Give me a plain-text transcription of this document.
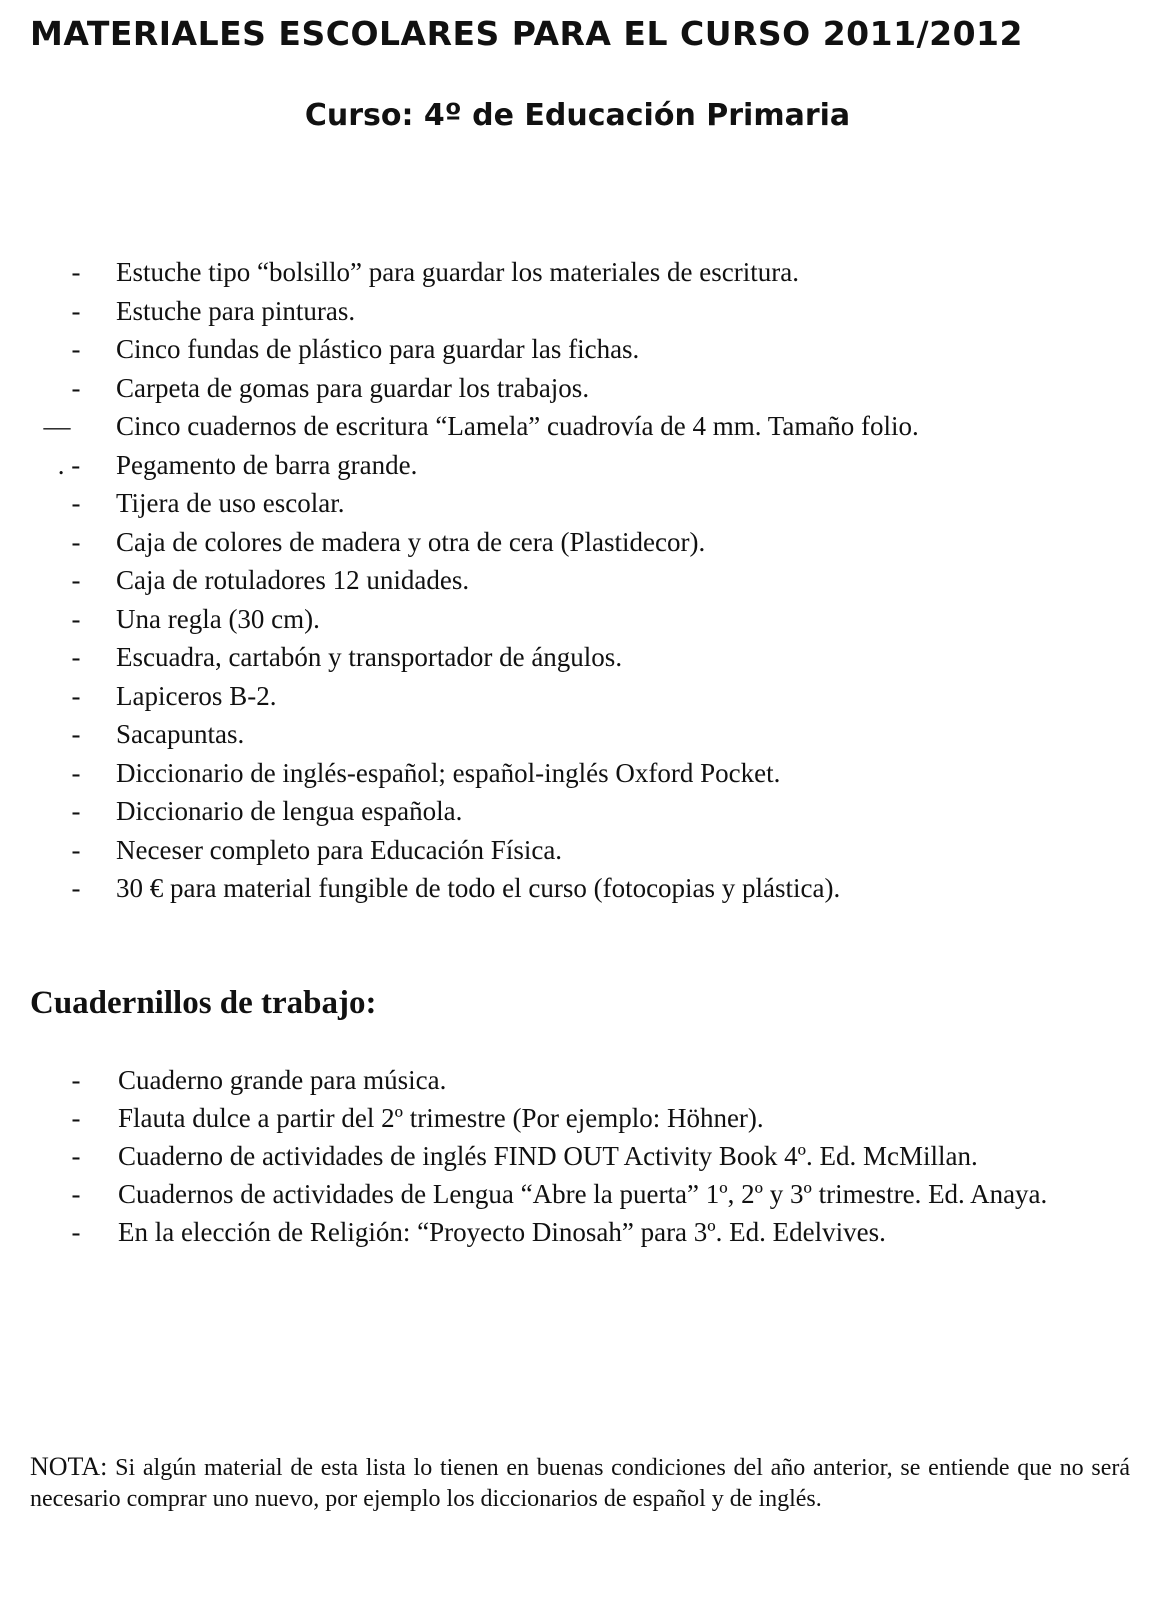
MATERIALES ESCOLARES PARA EL CURSO 2011/2012
Curso: 4º de Educación Primaria
- Estuche tipo “bolsillo” para guardar los materiales de escritura.
- Estuche para pinturas.
- Cinco fundas de plástico para guardar las fichas.
- Carpeta de gomas para guardar los trabajos.
—	Cinco cuadernos de escritura “Lamela” cuadrovía de 4 mm. Tamaño folio.
. - Pegamento de barra grande.
- Tijera de uso escolar.
- Caja de colores de madera y otra de cera (Plastidecor).
- Caja de rotuladores 12 unidades.
- Una regla (30 cm).
- Escuadra, cartabón y transportador de ángulos.
- Lapiceros B-2.
- Sacapuntas.
- Diccionario de inglés-español; español-inglés Oxford Pocket.
- Diccionario de lengua española.
- Neceser completo para Educación Física.
- 30 € para material fungible de todo el curso (fotocopias y plástica).
Cuadernillos de trabajo:
- Cuaderno grande para música.
- Flauta dulce a partir del 2º trimestre (Por ejemplo: Höhner).
- Cuaderno de actividades de inglés FIND OUT Activity Book 4º. Ed. McMillan.
- Cuadernos de actividades de Lengua “Abre la puerta” 1º, 2º y 3º trimestre. Ed. Anaya.
- En la elección de Religión: “Proyecto Dinosah” para 3º. Ed. Edelvives.

NOTA: Si algún material de esta lista lo tienen en buenas condiciones del año anterior, se entiende que no será necesario comprar uno nuevo, por ejemplo los diccionarios de español y de inglés.
